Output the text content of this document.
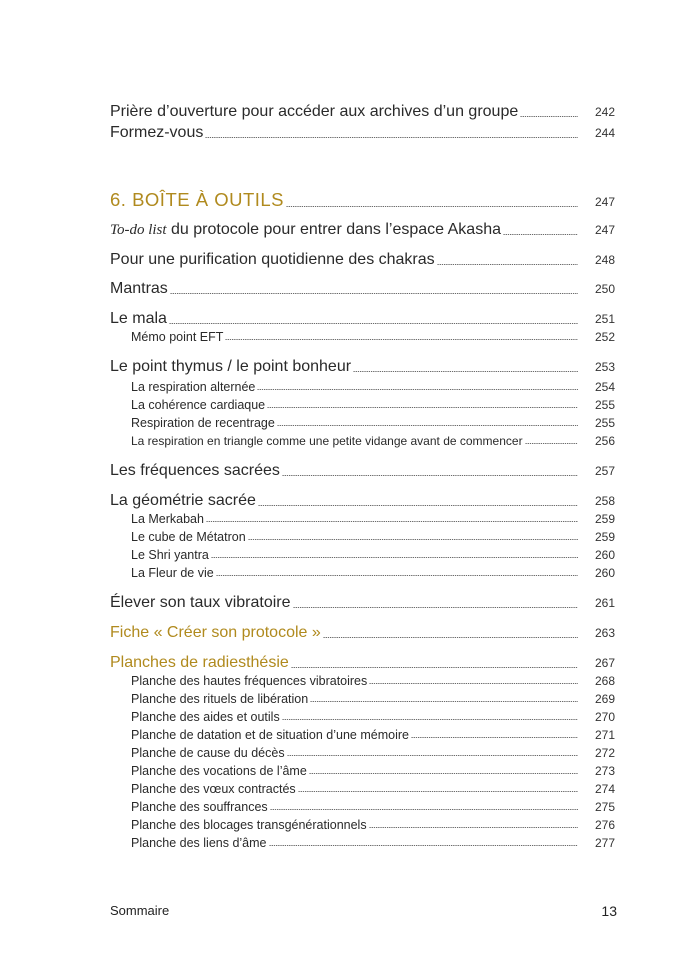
Prière d’ouverture pour accéder aux archives d’un groupe	242
Formez-vous	244
6. BOÎTE À OUTILS	247
To-do list du protocole pour entrer dans l’espace Akasha	247
Pour une purification quotidienne des chakras	248
Mantras	250
Le mala	251
Mémo point EFT	252
Le point thymus / le point bonheur	253
La respiration alternée	254
La cohérence cardiaque	255
Respiration de recentrage	255
La respiration en triangle comme une petite vidange avant de commencer	256
Les fréquences sacrées	257
La géométrie sacrée	258
La Merkabah	259
Le cube de Métatron	259
Le Shri yantra	260
La Fleur de vie	260
Élever son taux vibratoire	261
Fiche « Créer son protocole »	263
Planches de radiesthésie	267
Planche des hautes fréquences vibratoires	268
Planche des rituels de libération	269
Planche des aides et outils	270
Planche de datation et de situation d’une mémoire	271
Planche de cause du décès	272
Planche des vocations de l’âme	273
Planche des vœux contractés	274
Planche des souffrances	275
Planche des blocages transgénérationnels	276
Planche des liens d’âme	277
Sommaire	13
